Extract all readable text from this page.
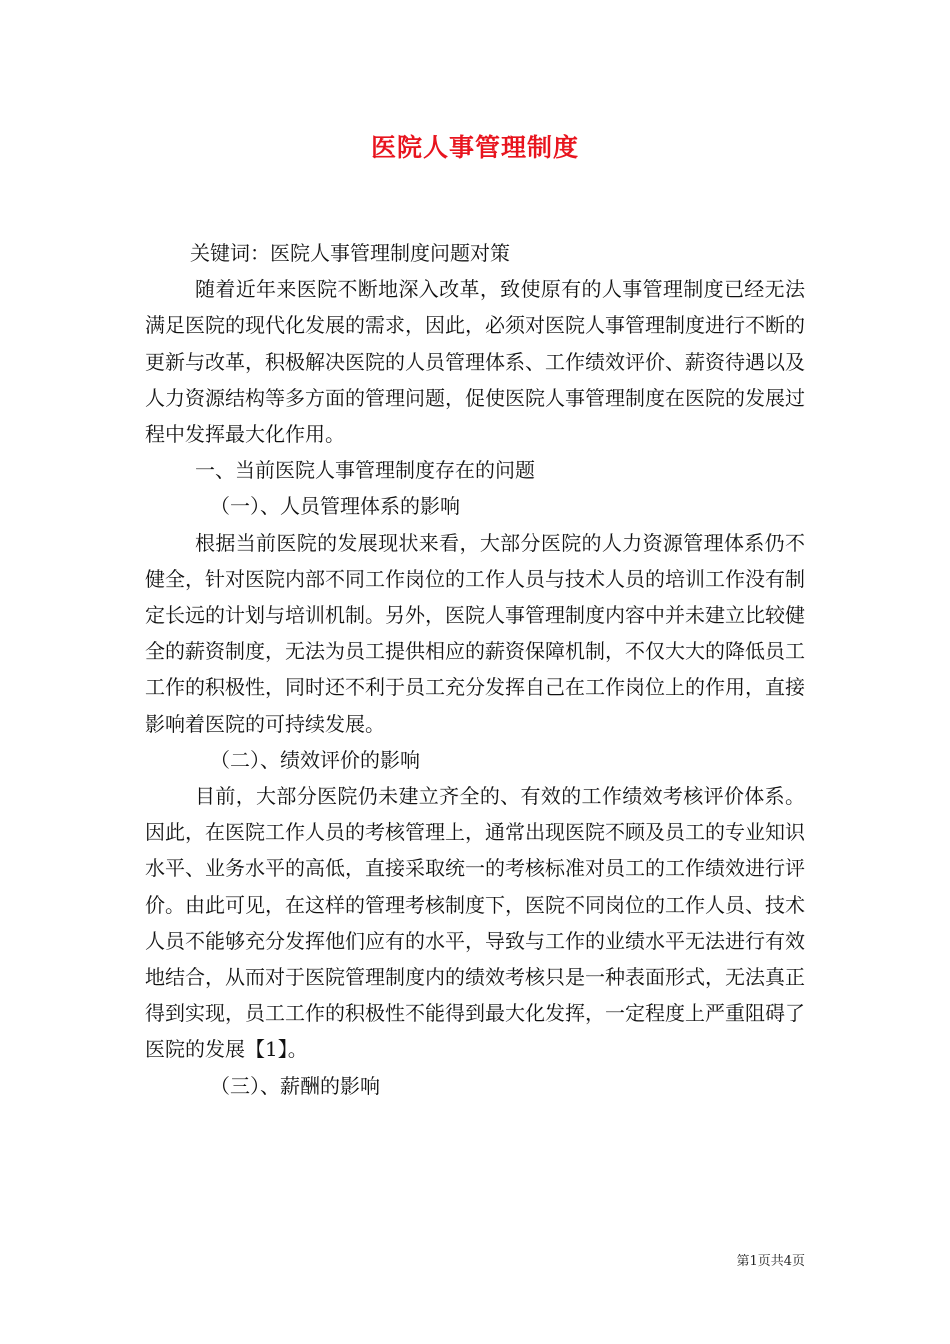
医院人事管理制度

关键词：医院人事管理制度问题对策

随着近年来医院不断地深入改革，致使原有的人事管理制度已经无法满足医院的现代化发展的需求，因此，必须对医院人事管理制度进行不断的更新与改革，积极解决医院的人员管理体系、工作绩效评价、薪资待遇以及人力资源结构等多方面的管理问题，促使医院人事管理制度在医院的发展过程中发挥最大化作用。

一、当前医院人事管理制度存在的问题

（一）、人员管理体系的影响

根据当前医院的发展现状来看，大部分医院的人力资源管理体系仍不健全，针对医院内部不同工作岗位的工作人员与技术人员的培训工作没有制定长远的计划与培训机制。另外，医院人事管理制度内容中并未建立比较健全的薪资制度，无法为员工提供相应的薪资保障机制，不仅大大的降低员工工作的积极性，同时还不利于员工充分发挥自己在工作岗位上的作用，直接影响着医院的可持续发展。

（二）、绩效评价的影响

目前，大部分医院仍未建立齐全的、有效的工作绩效考核评价体系。因此，在医院工作人员的考核管理上，通常出现医院不顾及员工的专业知识水平、业务水平的高低，直接采取统一的考核标准对员工的工作绩效进行评价。由此可见，在这样的管理考核制度下，医院不同岗位的工作人员、技术人员不能够充分发挥他们应有的水平，导致与工作的业绩水平无法进行有效地结合，从而对于医院管理制度内的绩效考核只是一种表面形式，无法真正得到实现，员工工作的积极性不能得到最大化发挥，一定程度上严重阻碍了医院的发展【1】。

（三）、薪酬的影响

第1页共4页
